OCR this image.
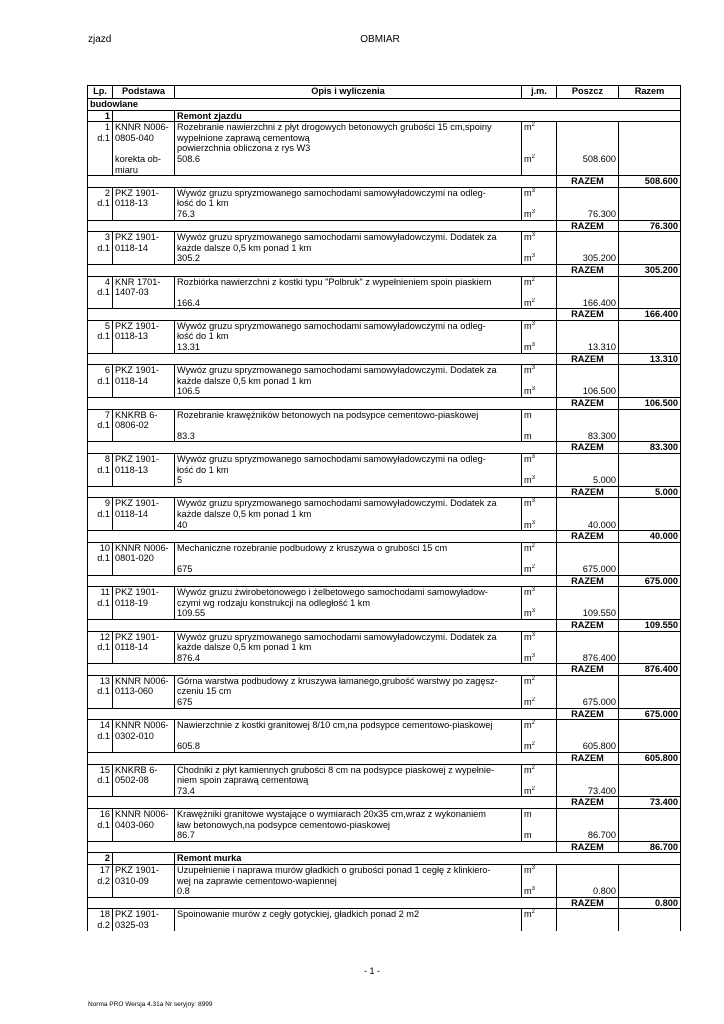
zjazd	OBMIAR
Lp.	Podstawa	Opis i wyliczenia	j.m.	Poszcz	Razem
budowlane					
1		Remont zjazdu			
1	KNNR N006-	Rozebranie nawierzchni z płyt drogowych betonowych grubości 15 cm,spoiny	$m^2$		
d.1	0805-040	wypełnione zaprawą cementową			
		powierzchnia obliczona z rys W3			
	korekta ob-	508.6	$m^2$	508.600	
	miaru				
				RAZEM	508.600
2	PKZ 1901-	Wywóz gruzu spryzmowanego samochodami samowyładowczymi na odleg-	$m^3$		
d.1	0118-13	łość do 1 km			
		76.3	$m^3$	76.300	
				RAZEM	76.300
3	PKZ 1901-	Wywóz gruzu spryzmowanego samochodami samowyładowczymi. Dodatek za	$m^3$		
d.1	0118-14	każde dalsze 0,5 km ponad 1 km			
		305.2	$m^3$	305.200	
				RAZEM	305.200
4	KNR 1701-	Rozbiórka nawierzchni z kostki typu "Polbruk" z wypełnieniem spoin piaskiem	$m^2$		
d.1	1407-03				
		166.4	$m^2$	166.400	
				RAZEM	166.400
5	PKZ 1901-	Wywóz gruzu spryzmowanego samochodami samowyładowczymi na odleg-	$m^3$		
d.1	0118-13	łość do 1 km			
		13.31	$m^3$	13.310	
				RAZEM	13.310
6	PKZ 1901-	Wywóz gruzu spryzmowanego samochodami samowyładowczymi. Dodatek za	$m^3$		
d.1	0118-14	każde dalsze 0,5 km ponad 1 km			
		106.5	$m^3$	106.500	
				RAZEM	106.500
7	KNKRB 6-	Rozebranie krawężników betonowych na podsypce cementowo-piaskowej	m		
d.1	0806-02				
		83.3	m	83.300	
				RAZEM	83.300
8	PKZ 1901-	Wywóz gruzu spryzmowanego samochodami samowyładowczymi na odleg-	$m^3$		
d.1	0118-13	łość do 1 km			
		5	$m^3$	5.000	
				RAZEM	5.000
9	PKZ 1901-	Wywóz gruzu spryzmowanego samochodami samowyładowczymi. Dodatek za	$m^3$		
d.1	0118-14	każde dalsze 0,5 km ponad 1 km			
		40	$m^3$	40.000	
				RAZEM	40.000
10	KNNR N006-	Mechaniczne rozebranie podbudowy z kruszywa o grubości 15 cm	$m^2$		
d.1	0801-020				
		675	$m^2$	675.000	
				RAZEM	675.000
11	PKZ 1901-	Wywóz gruzu żwirobetonowego i żelbetowego samochodami samowyładow-	$m^3$		
d.1	0118-19	czymi wg rodzaju konstrukcji na odległość 1 km			
		109.55	$m^3$	109.550	
				RAZEM	109.550
12	PKZ 1901-	Wywóz gruzu spryzmowanego samochodami samowyładowczymi. Dodatek za	$m^3$		
d.1	0118-14	każde dalsze 0,5 km ponad 1 km			
		876.4	$m^3$	876.400	
				RAZEM	876.400
13	KNNR N006-	Górna warstwa podbudowy z kruszywa łamanego,grubość warstwy po zagęsz-	$m^2$		
d.1	0113-060	czeniu 15 cm			
		675	$m^2$	675.000	
				RAZEM	675.000
14	KNNR N006-	Nawierzchnie z kostki granitowej 8/10 cm,na podsypce cementowo-piaskowej	$m^2$		
d.1	0302-010				
		605.8	$m^2$	605.800	
				RAZEM	605.800
15	KNKRB 6-	Chodniki z płyt kamiennych grubości 8 cm na podsypce piaskowej z wypełnie-	$m^2$		
d.1	0502-08	niem spoin zaprawą cementową			
		73.4	$m^2$	73.400	
				RAZEM	73.400
16	KNNR N006-	Krawężniki granitowe wystające o wymiarach 20x35 cm,wraz z wykonaniem	m		
d.1	0403-060	ław betonowych,na podsypce cementowo-piaskowej			
		86.7	m	86.700	
				RAZEM	86.700
2		Remont murka			
17	PKZ 1901-	Uzupełnienie i naprawa murów gładkich o grubości ponad 1 cegłę z klinkiero-	$m^3$		
d.2	0310-09	wej na zaprawie cementowo-wapiennej			
		0.8	$m^3$	0.800	
				RAZEM	0.800
18	PKZ 1901-	Spoinowanie murów z cegły gotyckiej, gładkich ponad 2 m2	$m^2$		
d.2	0325-03				
- 1 -
Norma PRO Wersja 4.31a Nr seryjny: 8999
